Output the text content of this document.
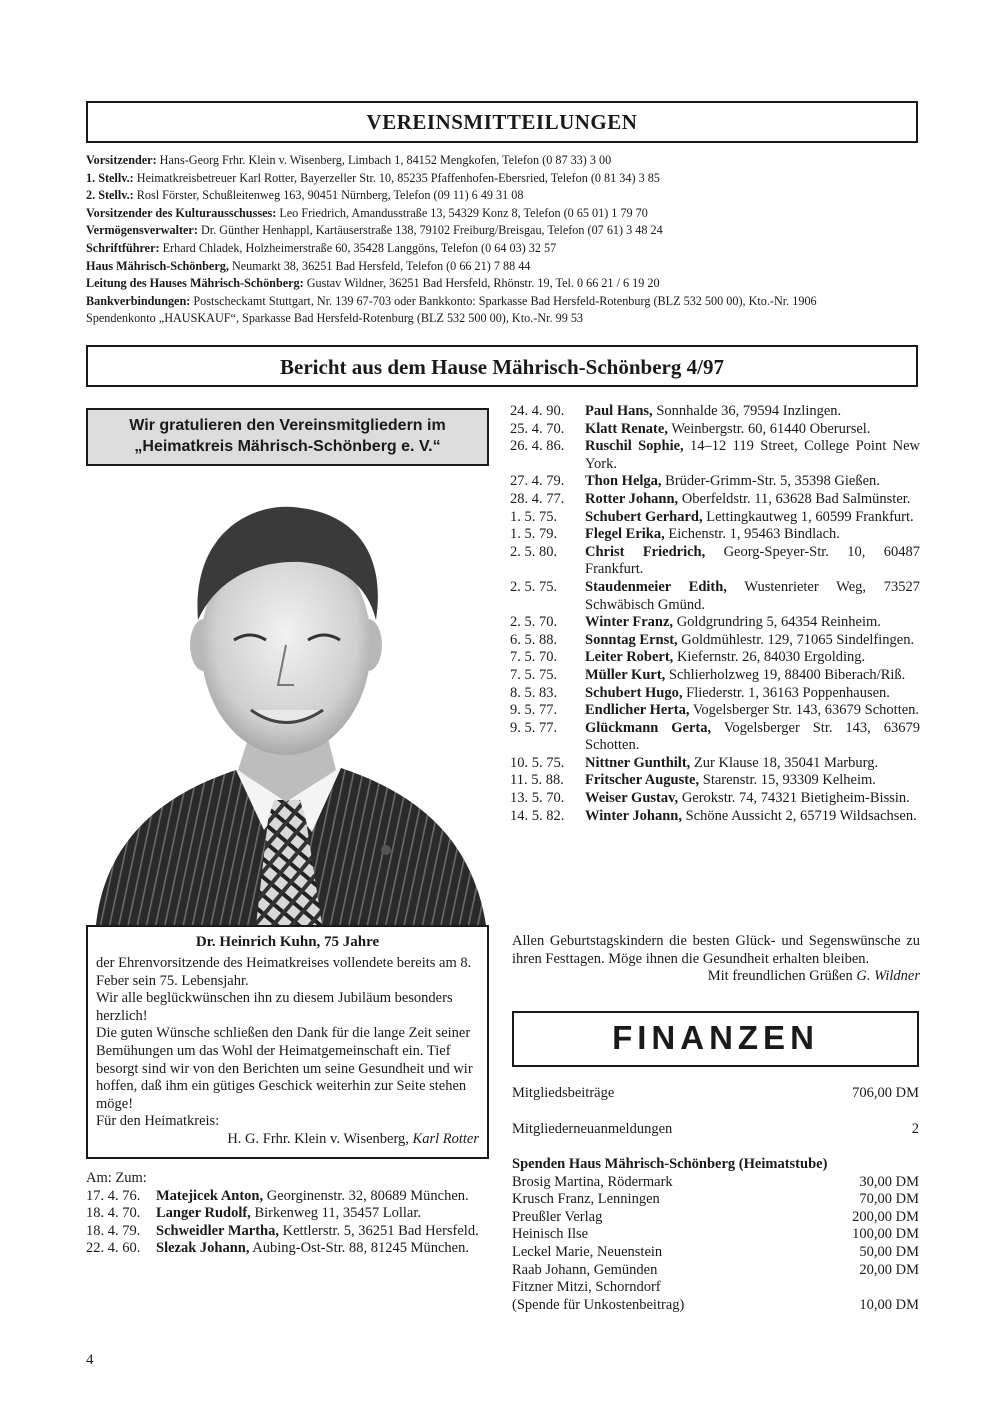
VEREINSMITTEILUNGEN
Vorsitzender: Hans-Georg Frhr. Klein v. Wisenberg, Limbach 1, 84152 Mengkofen, Telefon (0 87 33) 3 00
1. Stellv.: Heimatkreisbetreuer Karl Rotter, Bayerzeller Str. 10, 85235 Pfaffenhofen-Ebersried, Telefon (0 81 34) 3 85
2. Stellv.: Rosl Förster, Schußleitenweg 163, 90451 Nürnberg, Telefon (09 11) 6 49 31 08
Vorsitzender des Kulturausschusses: Leo Friedrich, Amandusstraße 13, 54329 Konz 8, Telefon (0 65 01) 1 79 70
Vermögensverwalter: Dr. Günther Henhappl, Kartäuserstraße 138, 79102 Freiburg/Breisgau, Telefon (07 61) 3 48 24
Schriftführer: Erhard Chladek, Holzheimerstraße 60, 35428 Langgöns, Telefon (0 64 03) 32 57
Haus Mährisch-Schönberg, Neumarkt 38, 36251 Bad Hersfeld, Telefon (0 66 21) 7 88 44
Leitung des Hauses Mährisch-Schönberg: Gustav Wildner, 36251 Bad Hersfeld, Rhönstr. 19, Tel. 0 66 21 / 6 19 20
Bankverbindungen: Postscheckamt Stuttgart, Nr. 139 67-703 oder Bankkonto: Sparkasse Bad Hersfeld-Rotenburg (BLZ 532 500 00), Kto.-Nr. 1906
Spendenkonto „HAUSKAUF“, Sparkasse Bad Hersfeld-Rotenburg (BLZ 532 500 00), Kto.-Nr. 99 53
Bericht aus dem Hause Mährisch-Schönberg 4/97
Wir gratulieren den Vereinsmitgliedern im
„Heimatkreis Mährisch-Schönberg e. V.“
Dr. Heinrich Kuhn, 75 Jahre
der Ehrenvorsitzende des Heimatkreises vollendete bereits am 8. Feber sein 75. Lebensjahr.
Wir alle beglückwünschen ihn zu diesem Jubiläum besonders herzlich!
Die guten Wünsche schließen den Dank für die lange Zeit seiner Bemühungen um das Wohl der Heimatgemeinschaft ein. Tief besorgt sind wir von den Berichten um seine Gesundheit und wir hoffen, daß ihm ein gütiges Geschick weiterhin zur Seite stehen möge!
Für den Heimatkreis:
H. G. Frhr. Klein v. Wisenberg, Karl Rotter
Am: Zum:
17. 4. 76.	Matejicek Anton, Georginenstr. 32, 80689 München.
18. 4. 70.	Langer Rudolf, Birkenweg 11, 35457 Lollar.
18. 4. 79.	Schweidler Martha, Kettlerstr. 5, 36251 Bad Hersfeld.
22. 4. 60.	Slezak Johann, Aubing-Ost-Str. 88, 81245 München.
24. 4. 90.	Paul Hans, Sonnhalde 36, 79594 Inzlingen.
25. 4. 70.	Klatt Renate, Weinbergstr. 60, 61440 Oberursel.
26. 4. 86.	Ruschil Sophie, 14–12 119 Street, College Point New York.
27. 4. 79.	Thon Helga, Brüder-Grimm-Str. 5, 35398 Gießen.
28. 4. 77.	Rotter Johann, Oberfeldstr. 11, 63628 Bad Salmünster.
1. 5. 75.	Schubert Gerhard, Lettingkautweg 1, 60599 Frankfurt.
1. 5. 79.	Flegel Erika, Eichenstr. 1, 95463 Bindlach.
2. 5. 80.	Christ Friedrich, Georg-Speyer-Str. 10, 60487 Frankfurt.
2. 5. 75.	Staudenmeier Edith, Wustenrieter Weg, 73527 Schwäbisch Gmünd.
2. 5. 70.	Winter Franz, Goldgrundring 5, 64354 Reinheim.
6. 5. 88.	Sonntag Ernst, Goldmühlestr. 129, 71065 Sindelfingen.
7. 5. 70.	Leiter Robert, Kiefernstr. 26, 84030 Ergolding.
7. 5. 75.	Müller Kurt, Schlierholzweg 19, 88400 Biberach/Riß.
8. 5. 83.	Schubert Hugo, Fliederstr. 1, 36163 Poppenhausen.
9. 5. 77.	Endlicher Herta, Vogelsberger Str. 143, 63679 Schotten.
9. 5. 77.	Glückmann Gerta, Vogelsberger Str. 143, 63679 Schotten.
10. 5. 75.	Nittner Gunthilt, Zur Klause 18, 35041 Marburg.
11. 5. 88.	Fritscher Auguste, Starenstr. 15, 93309 Kelheim.
13. 5. 70.	Weiser Gustav, Gerokstr. 74, 74321 Bietigheim-Bissin.
14. 5. 82.	Winter Johann, Schöne Aussicht 2, 65719 Wildsachsen.
Allen Geburtstagskindern die besten Glück- und Segenswünsche zu ihren Festtagen. Möge ihnen die Gesundheit erhalten bleiben.
Mit freundlichen Grüßen G. Wildner
FINANZEN
Mitgliedsbeiträge	706,00 DM
Mitgliederneuanmeldungen	2
Spenden Haus Mährisch-Schönberg (Heimatstube)
Brosig Martina, Rödermark	30,00 DM
Krusch Franz, Lenningen	70,00 DM
Preußler Verlag	200,00 DM
Heinisch Ilse	100,00 DM
Leckel Marie, Neuenstein	50,00 DM
Raab Johann, Gemünden	20,00 DM
Fitzner Mitzi, Schorndorf
(Spende für Unkostenbeitrag)	10,00 DM
4
